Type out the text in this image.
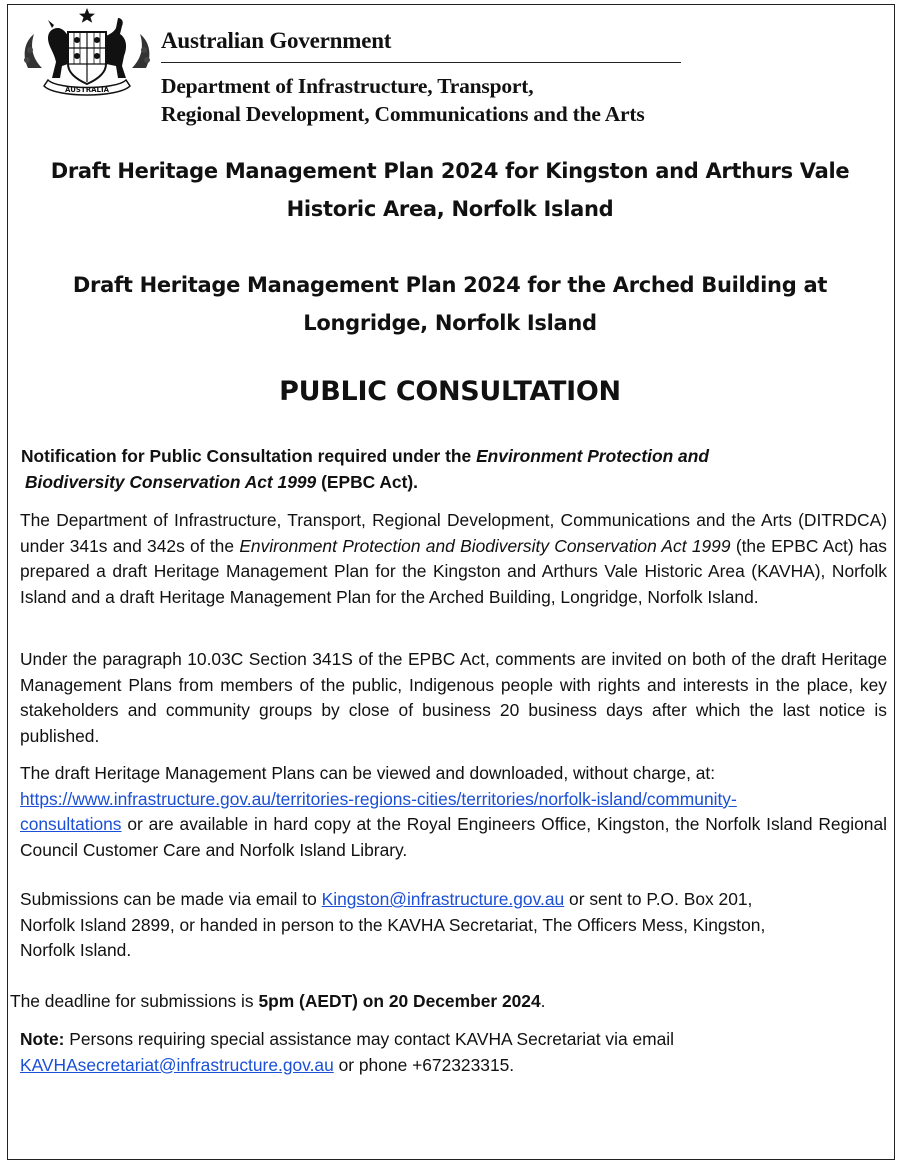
AUSTRALIA
Australian Government
Department of Infrastructure, Transport,
Regional Development, Communications and the Arts
Draft Heritage Management Plan 2024 for Kingston and Arthurs Vale
Historic Area, Norfolk Island
Draft Heritage Management Plan 2024 for the Arched Building at
Longridge, Norfolk Island
PUBLIC CONSULTATION
Notification for Public Consultation required under the Environment Protection and
Biodiversity Conservation Act 1999 (EPBC Act).
The Department of Infrastructure, Transport, Regional Development, Communications and the Arts (DITRDCA) under 341s and 342s of the Environment Protection and Biodiversity Conservation Act 1999 (the EPBC Act) has prepared a draft Heritage Management Plan for the Kingston and Arthurs Vale Historic Area (KAVHA), Norfolk Island and a draft Heritage Management Plan for the Arched Building, Longridge, Norfolk Island.
Under the paragraph 10.03C Section 341S of the EPBC Act, comments are invited on both of the draft Heritage Management Plans from members of the public, Indigenous people with rights and interests in the place, key stakeholders and community groups by close of business 20 business days after which the last notice is published.
The draft Heritage Management Plans can be viewed and downloaded, without charge, at:
https://www.infrastructure.gov.au/territories-regions-cities/territories/norfolk-island/community-
consultations or are available in hard copy at the Royal Engineers Office, Kingston, the Norfolk Island Regional Council Customer Care and Norfolk Island Library.
Submissions can be made via email to Kingston@infrastructure.gov.au or sent to P.O. Box 201,
Norfolk Island 2899, or handed in person to the KAVHA Secretariat, The Officers Mess, Kingston,
Norfolk Island.
The deadline for submissions is 5pm (AEDT) on 20 December 2024.
Note: Persons requiring special assistance may contact KAVHA Secretariat via email
KAVHAsecretariat@infrastructure.gov.au or phone +672323315.
